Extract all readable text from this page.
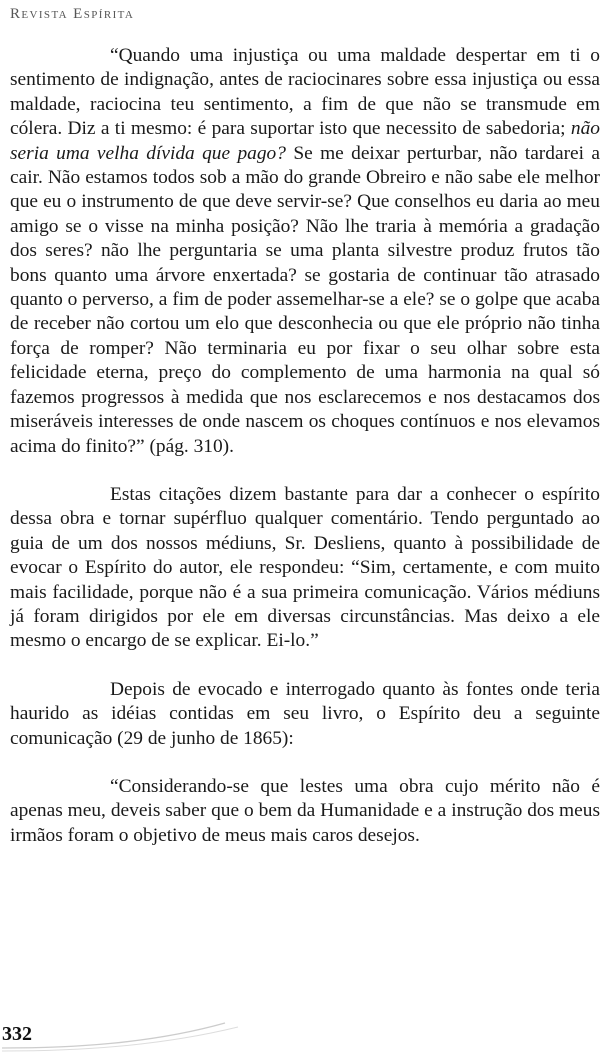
Revista Espírita

“Quando uma injustiça ou uma maldade despertar em ti o sentimento de indignação, antes de raciocinares sobre essa injustiça ou essa maldade, raciocina teu sentimento, a fim de que não se transmude em cólera. Diz a ti mesmo: é para suportar isto que necessito de sabedoria; não seria uma velha dívida que pago? Se me deixar perturbar, não tardarei a cair. Não estamos todos sob a mão do grande Obreiro e não sabe ele melhor que eu o instrumento de que deve servir-se? Que conselhos eu daria ao meu amigo se o visse na minha posição? Não lhe traria à memória a gradação dos seres? não lhe perguntaria se uma planta silvestre produz frutos tão bons quanto uma árvore enxertada? se gostaria de continuar tão atrasado quanto o perverso, a fim de poder assemelhar-se a ele? se o golpe que acaba de receber não cortou um elo que desconhecia ou que ele próprio não tinha força de romper? Não terminaria eu por fixar o seu olhar sobre esta felicidade eterna, preço do complemento de uma harmonia na qual só fazemos progressos à medida que nos esclarecemos e nos destacamos dos miseráveis interesses de onde nascem os choques contínuos e nos elevamos acima do finito?” (pág. 310).

Estas citações dizem bastante para dar a conhecer o espírito dessa obra e tornar supérfluo qualquer comentário. Tendo perguntado ao guia de um dos nossos médiuns, Sr. Desliens, quanto à possibilidade de evocar o Espírito do autor, ele respondeu: “Sim, certamente, e com muito mais facilidade, porque não é a sua primeira comunicação. Vários médiuns já foram dirigidos por ele em diversas circunstâncias. Mas deixo a ele mesmo o encargo de se explicar. Ei-lo.”

Depois de evocado e interrogado quanto às fontes onde teria haurido as idéias contidas em seu livro, o Espírito deu a seguinte comunicação (29 de junho de 1865):

“Considerando-se que lestes uma obra cujo mérito não é apenas meu, deveis saber que o bem da Humanidade e a instrução dos meus irmãos foram o objetivo de meus mais caros desejos.

332
